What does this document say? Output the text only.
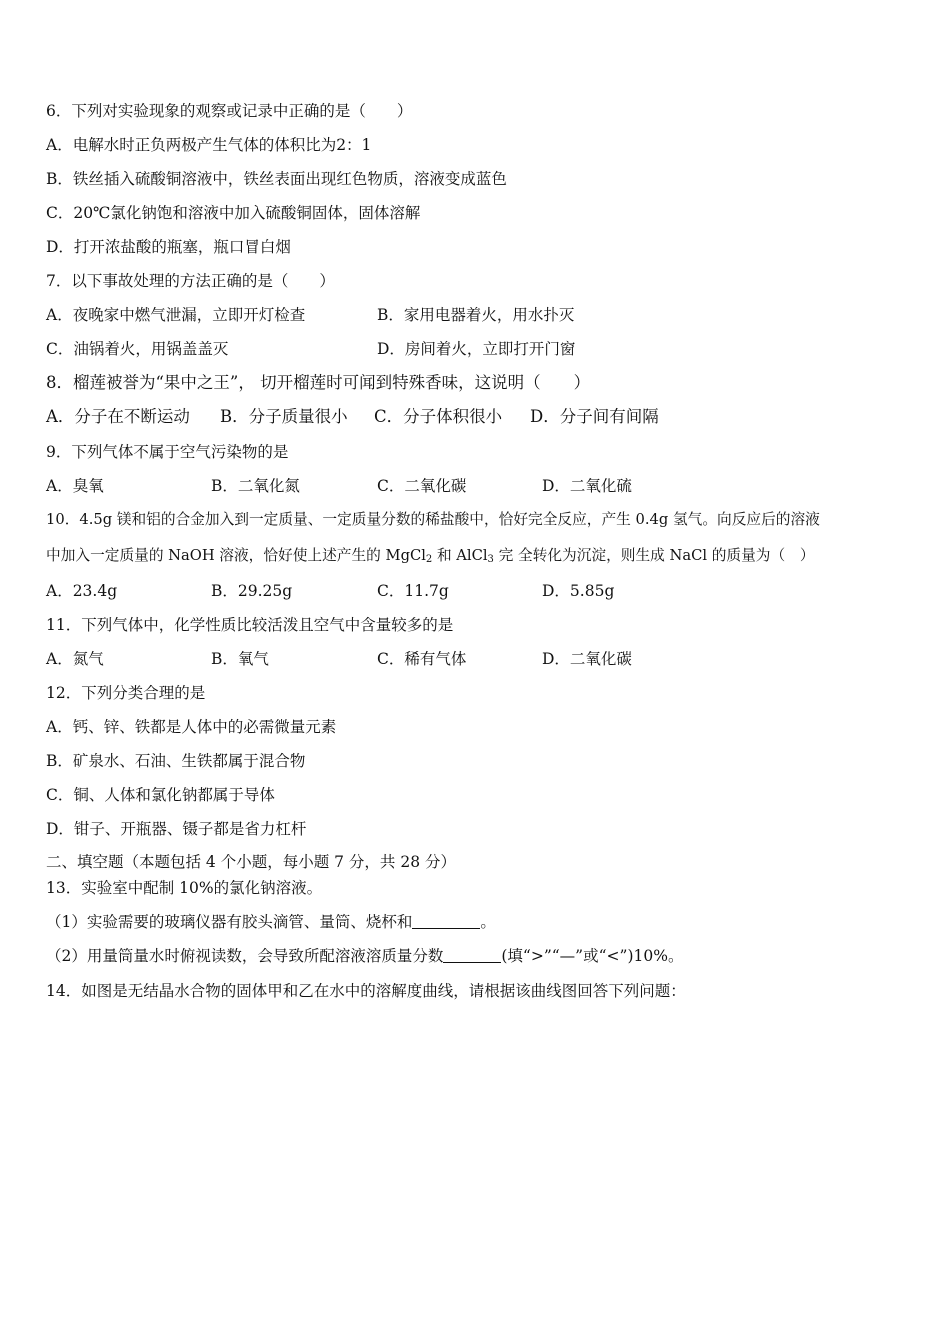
6．下列对实验现象的观察或记录中正确的是（　　）
A．电解水时正负两极产生气体的体积比为2：1
B．铁丝插入硫酸铜溶液中，铁丝表面出现红色物质，溶液变成蓝色
C．20℃氯化钠饱和溶液中加入硫酸铜固体，固体溶解
D．打开浓盐酸的瓶塞，瓶口冒白烟
7．以下事故处理的方法正确的是（　　）
A．夜晚家中燃气泄漏，立即开灯检查	B．家用电器着火，用水扑灭
C．油锅着火，用锅盖盖灭	D．房间着火，立即打开门窗
8．榴莲被誉为“果中之王”， 切开榴莲时可闻到特殊香味，这说明（　　）
A．分子在不断运动 B．分子质量很小 C．分子体积很小 D．分子间有间隔
9．下列气体不属于空气污染物的是
A．臭氧	B．二氧化氮	C．二氧化碳	D．二氧化硫
10．4.5g 镁和铝的合金加入到一定质量、一定质量分数的稀盐酸中，恰好完全反应，产生 0.4g 氢气。向反应后的溶液
中加入一定质量的 NaOH 溶液，恰好使上述产生的 MgCl$_2$ 和 AlCl$_3$ 完 全转化为沉淀，则生成 NaCl 的质量为（　）
A．23.4g	B．29.25g	C．11.7g	D．5.85g
11．下列气体中，化学性质比较活泼且空气中含量较多的是
A．氮气	B．氧气	C．稀有气体	D．二氧化碳
12．下列分类合理的是
A．钙、锌、铁都是人体中的必需微量元素
B．矿泉水、石油、生铁都属于混合物
C．铜、人体和氯化钠都属于导体
D．钳子、开瓶器、镊子都是省力杠杆
二、填空题（本题包括 4 个小题，每小题 7 分，共 28 分）
13．实验室中配制 10%的氯化钠溶液。
（1）实验需要的玻璃仪器有胶头滴管、量筒、烧杯和	。
（2）用量筒量水时俯视读数，会导致所配溶液溶质量分数	(填“>”“—”或“<”)10%。
14．如图是无结晶水合物的固体甲和乙在水中的溶解度曲线，请根据该曲线图回答下列问题：
